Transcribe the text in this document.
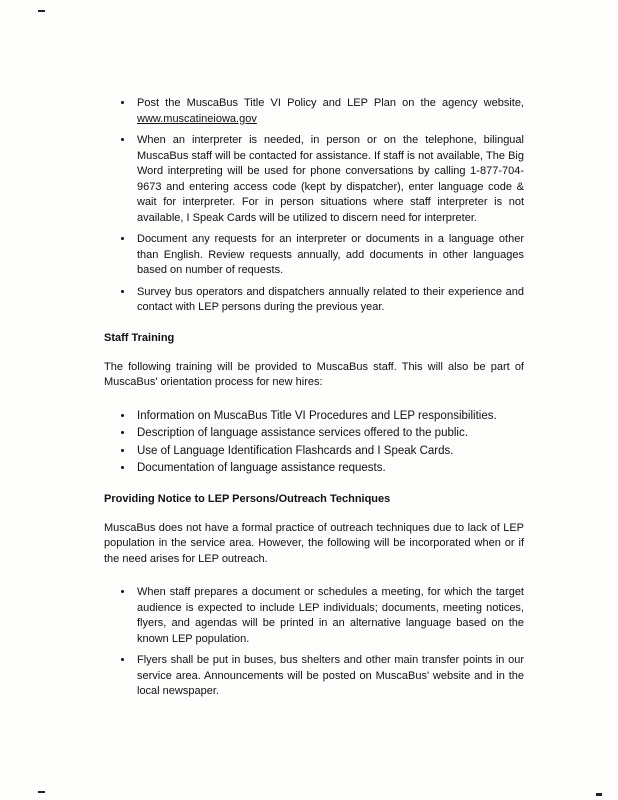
• Post the MuscaBus Title VI Policy and LEP Plan on the agency website, www.muscatineiowa.gov
• When an interpreter is needed, in person or on the telephone, bilingual MuscaBus staff will be contacted for assistance. If staff is not available, The Big Word interpreting will be used for phone conversations by calling 1-877-704-9673 and entering access code (kept by dispatcher), enter language code & wait for interpreter. For in person situations where staff interpreter is not available, I Speak Cards will be utilized to discern need for interpreter.
• Document any requests for an interpreter or documents in a language other than English. Review requests annually, add documents in other languages based on number of requests.
• Survey bus operators and dispatchers annually related to their experience and contact with LEP persons during the previous year.
Staff Training

The following training will be provided to MuscaBus staff. This will also be part of MuscaBus' orientation process for new hires:

• Information on MuscaBus Title VI Procedures and LEP responsibilities.
• Description of language assistance services offered to the public.
• Use of Language Identification Flashcards and I Speak Cards.
• Documentation of language assistance requests.
Providing Notice to LEP Persons/Outreach Techniques

MuscaBus does not have a formal practice of outreach techniques due to lack of LEP population in the service area. However, the following will be incorporated when or if the need arises for LEP outreach.

• When staff prepares a document or schedules a meeting, for which the target audience is expected to include LEP individuals; documents, meeting notices, flyers, and agendas will be printed in an alternative language based on the known LEP population.
• Flyers shall be put in buses, bus shelters and other main transfer points in our service area. Announcements will be posted on MuscaBus' website and in the local newspaper.
